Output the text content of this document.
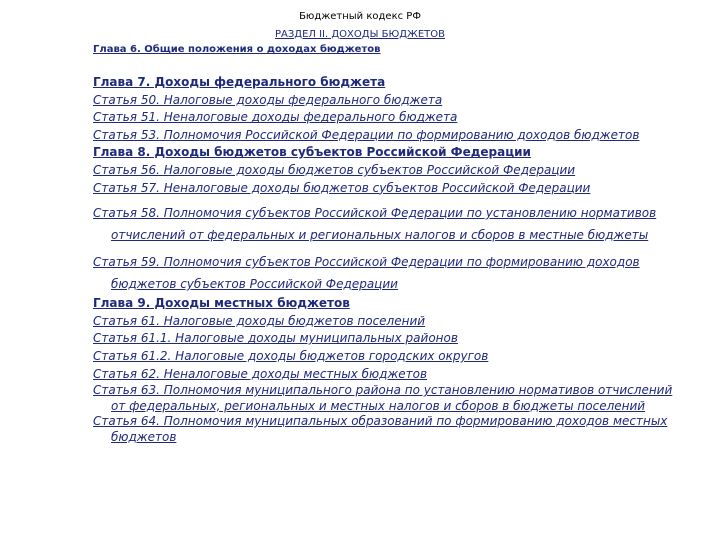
Бюджетный кодекс РФ
РАЗДЕЛ II. ДОХОДЫ БЮДЖЕТОВ
Глава 6. Общие положения о доходах бюджетов
Глава 7. Доходы федерального бюджета
Статья 50. Налоговые доходы федерального бюджета
Статья 51. Неналоговые доходы федерального бюджета
Статья 53. Полномочия Российской Федерации по формированию доходов бюджетов
Глава 8. Доходы бюджетов субъектов Российской Федерации
Статья 56. Налоговые доходы бюджетов субъектов Российской Федерации
Статья 57. Неналоговые доходы бюджетов субъектов Российской Федерации
Статья 58. Полномочия субъектов Российской Федерации по установлению нормативов
отчислений от федеральных и региональных налогов и сборов в местные бюджеты
Статья 59. Полномочия субъектов Российской Федерации по формированию доходов
бюджетов субъектов Российской Федерации
Глава 9. Доходы местных бюджетов
Статья 61. Налоговые доходы бюджетов поселений
Статья 61.1. Налоговые доходы муниципальных районов
Статья 61.2. Налоговые доходы бюджетов городских округов
Статья 62. Неналоговые доходы местных бюджетов
Статья 63. Полномочия муниципального района по установлению нормативов отчислений
от федеральных, региональных и местных налогов и сборов в бюджеты поселений
Статья 64. Полномочия муниципальных образований по формированию доходов местных
бюджетов
